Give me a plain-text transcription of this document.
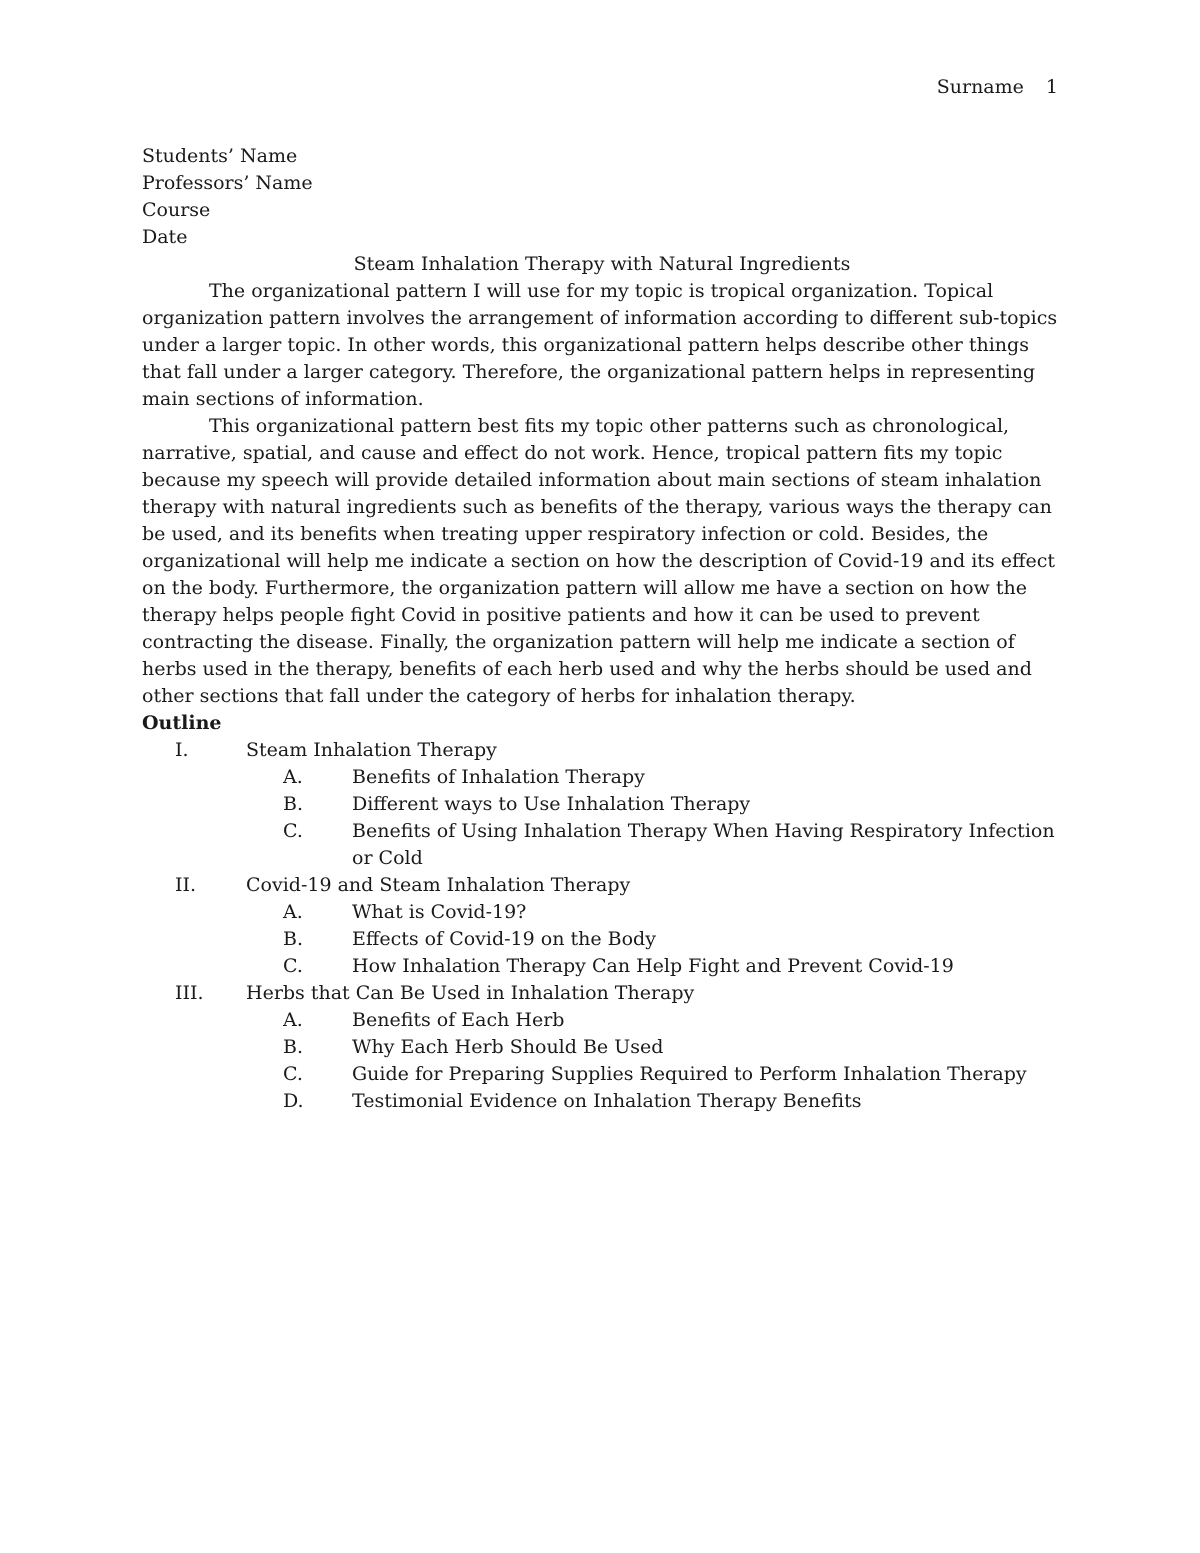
Surname 1
Students’ Name
Professors’ Name
Course
Date
Steam Inhalation Therapy with Natural Ingredients

The organizational pattern I will use for my topic is tropical organization. Topical organization pattern involves the arrangement of information according to different sub-topics under a larger topic. In other words, this organizational pattern helps describe other things that fall under a larger category. Therefore, the organizational pattern helps in representing main sections of information.

This organizational pattern best fits my topic other patterns such as chronological, narrative, spatial, and cause and effect do not work. Hence, tropical pattern fits my topic because my speech will provide detailed information about main sections of steam inhalation therapy with natural ingredients such as benefits of the therapy, various ways the therapy can be used, and its benefits when treating upper respiratory infection or cold. Besides, the organizational will help me indicate a section on how the description of Covid-19 and its effect on the body. Furthermore, the organization pattern will allow me have a section on how the therapy helps people fight Covid in positive patients and how it can be used to prevent contracting the disease. Finally, the organization pattern will help me indicate a section of herbs used in the therapy, benefits of each herb used and why the herbs should be used and other sections that fall under the category of herbs for inhalation therapy.

Outline

I.	Steam Inhalation Therapy
A.	Benefits of Inhalation Therapy
B.	Different ways to Use Inhalation Therapy
C.	Benefits of Using Inhalation Therapy When Having Respiratory Infection or Cold
II.	Covid-19 and Steam Inhalation Therapy
A.	What is Covid-19?
B.	Effects of Covid-19 on the Body
C.	How Inhalation Therapy Can Help Fight and Prevent Covid-19
III. Herbs that Can Be Used in Inhalation Therapy
A.	Benefits of Each Herb
B.	Why Each Herb Should Be Used
C.	Guide for Preparing Supplies Required to Perform Inhalation Therapy
D.	Testimonial Evidence on Inhalation Therapy Benefits
